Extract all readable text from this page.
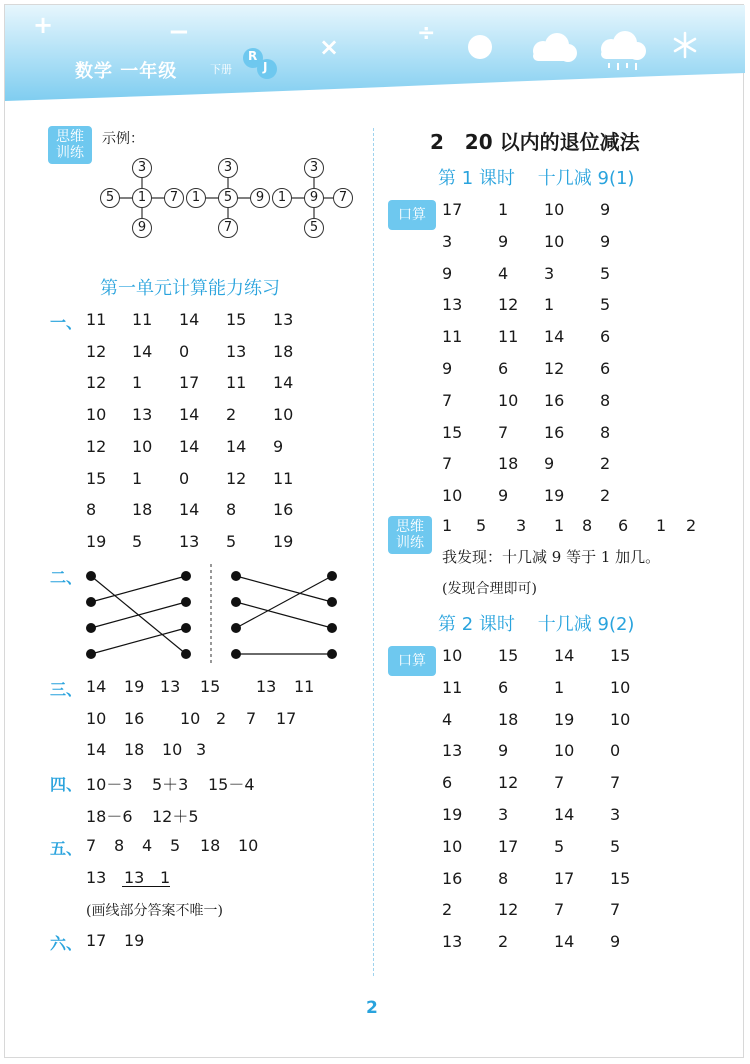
+	−	×	÷
数学 一年级	下册
R
J
思维
训练
示例：
3
5	1	7
9
3
1	5	9
7
3
1	9	7
5
第一单元计算能力练习
一、 11 11 14 15 13
12 14 0 13 18
12 1 17 11 14
10 13 14 2 10
12 10 14 14 9
15 1 0 12 11
8 18 14 8 16
19 5 13 5 19
二、
三、 14 19 13 15 13 11
10 16 10 2 7 17
14 18 10 3
四、 10－3 5＋3 15－4
18－6 12＋5
五、 7 8 4 5 18 10
13 13 1
(画线部分答案不唯一)
六、 17 19
2   20 以内的退位减法
第 1 课时    十几减 9(1)
口算	17 1 10 9
3	9 10 9
9	4 3	5
13 12 1	5
11 11 14 6
9	6 12 6
7	10 16 8
15 7 16 8
7	18 9	2
10 9 19 2
思维
训练
1 5 3 1 8 6 1 2
我发现：十几减 9 等于 1 加几。
(发现合理即可)
第 2 课时    十几减 9(2)
口算	10 15 14 15
11 6	1	10
4	18 19 10
13 9	10 0
6	12 7	7
19 3	14 3
10 17 5	5
16 8	17 15
2	12 7	7
13 2	14 9
2
